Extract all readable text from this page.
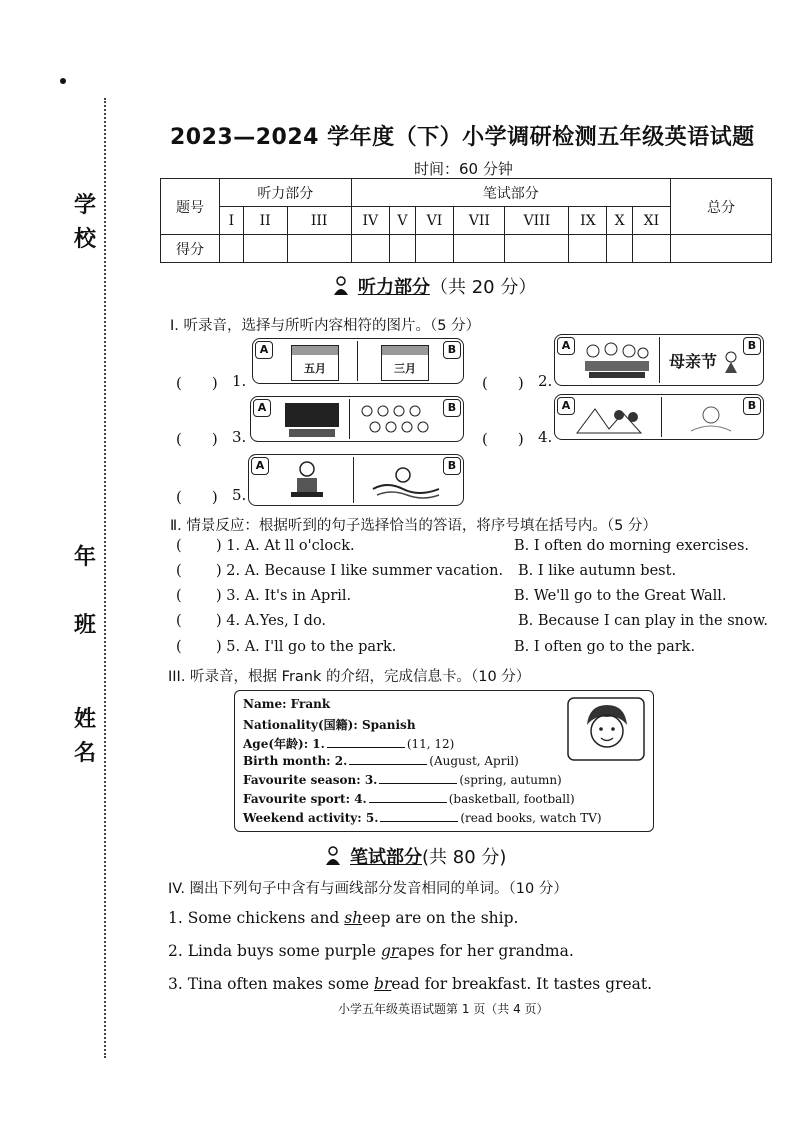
学
校
年
班
姓
名
2023—2024 学年度（下）小学调研检测五年级英语试题
时间：60 分钟
题号	听力部分			笔试部分								总分
	I	II	III	IV	V	VI	VII	VIII	IX	X	XI	
得分												
听力部分（共 20 分）
Ⅰ. 听录音，选择与所听内容相符的图片。（5 分）
(　　) 1.
A	B
五月	三月
(　　) 2.
A	B
母亲节
(　　) 3.
A	B
(　　) 4.
A	B
(　　) 5.
A	B
Ⅱ. 情景反应：根据听到的句子选择恰当的答语，将序号填在括号内。（5 分）
( ) 1. A. At ll o'clock.	B. I often do morning exercises.
( ) 2. A. Because I like summer vacation. B. I like autumn best.
( ) 3. A. It's in April.	B. We'll go to the Great Wall.
( ) 4. A.Yes, I do.	B. Because I can play in the snow.
( ) 5. A. I'll go to the park.	B. I often go to the park.
III. 听录音，根据 Frank 的介绍，完成信息卡。（10 分）
Name: Frank
Nationality(国籍): Spanish
Age(年龄): 1.	(11, 12)
Birth month: 2.	(August, April)
Favourite season: 3.	(spring, autumn)
Favourite sport: 4.	(basketball, football)
Weekend activity: 5.	(read books, watch TV)
笔试部分(共 80 分)
IV. 圈出下列句子中含有与画线部分发音相同的单词。（10 分）
1. Some chickens and sheep are on the ship.
2. Linda buys some purple grapes for her grandma.
3. Tina often makes some bread for breakfast. It tastes great.
小学五年级英语试题第 1 页（共 4 页）
